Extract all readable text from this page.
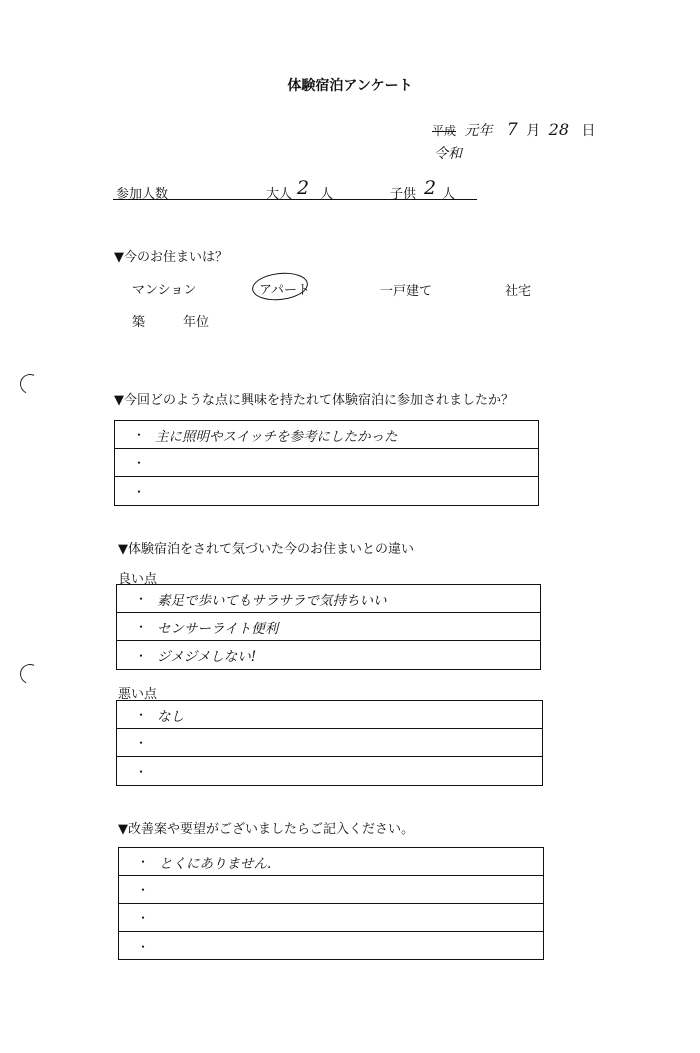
体験宿泊アンケート
平成 元年 7 月 28 日
令和
参加人数	大人 2 人	子供 2 人
▼今のお住まいは？
マンション	アパート	一戸建て	社宅
築	年位
▼今回どのような点に興味を持たれて体験宿泊に参加されましたか？
・ 主に照明やスイッチを参考にしたかった
・
・
▼体験宿泊をされて気づいた今のお住まいとの違い
良い点
・ 素足で歩いてもサラサラで気持ちいい
・ センサーライト便利
・ ジメジメしない!
悪い点
・ なし
・
・
▼改善案や要望がございましたらご記入ください。
・ とくにありません.
・
・
・
